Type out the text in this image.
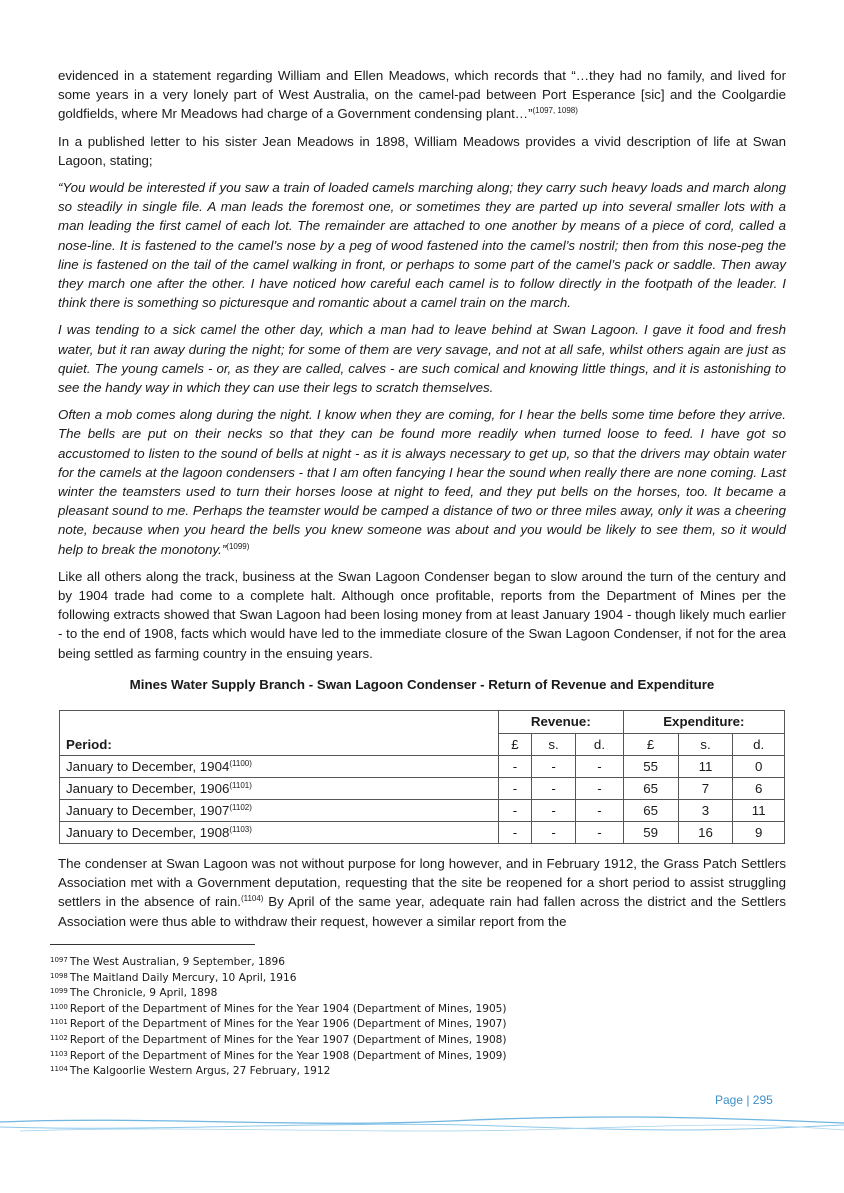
evidenced in a statement regarding William and Ellen Meadows, which records that “…they had no family, and lived for some years in a very lonely part of West Australia, on the camel-pad between Port Esperance [sic] and the Coolgardie goldfields, where Mr Meadows had charge of a Government condensing plant…”$^{(1097, 1098)}$

In a published letter to his sister Jean Meadows in 1898, William Meadows provides a vivid description of life at Swan Lagoon, stating;

“You would be interested if you saw a train of loaded camels marching along; they carry such heavy loads and march along so steadily in single file. A man leads the foremost one, or sometimes they are parted up into several smaller lots with a man leading the first camel of each lot. The remainder are attached to one another by means of a piece of cord, called a nose-line. It is fastened to the camel’s nose by a peg of wood fastened into the camel’s nostril; then from this nose-peg the line is fastened on the tail of the camel walking in front, or perhaps to some part of the camel’s pack or saddle. Then away they march one after the other. I have noticed how careful each camel is to follow directly in the footpath of the leader. I think there is something so picturesque and romantic about a camel train on the march.

I was tending to a sick camel the other day, which a man had to leave behind at Swan Lagoon. I gave it food and fresh water, but it ran away during the night; for some of them are very savage, and not at all safe, whilst others again are just as quiet. The young camels - or, as they are called, calves - are such comical and knowing little things, and it is astonishing to see the handy way in which they can use their legs to scratch themselves.

Often a mob comes along during the night. I know when they are coming, for I hear the bells some time before they arrive. The bells are put on their necks so that they can be found more readily when turned loose to feed. I have got so accustomed to listen to the sound of bells at night - as it is always necessary to get up, so that the drivers may obtain water for the camels at the lagoon condensers - that I am often fancying I hear the sound when really there are none coming. Last winter the teamsters used to turn their horses loose at night to feed, and they put bells on the horses, too. It became a pleasant sound to me. Perhaps the teamster would be camped a distance of two or three miles away, only it was a cheering note, because when you heard the bells you knew someone was about and you would be likely to see them, so it would help to break the monotony.”$^{(1099)}$

Like all others along the track, business at the Swan Lagoon Condenser began to slow around the turn of the century and by 1904 trade had come to a complete halt. Although once profitable, reports from the Department of Mines per the following extracts showed that Swan Lagoon had been losing money from at least January 1904 - though likely much earlier - to the end of 1908, facts which would have led to the immediate closure of the Swan Lagoon Condenser, if not for the area being settled as farming country in the ensuing years.

Mines Water Supply Branch - Swan Lagoon Condenser - Return of Revenue and Expenditure
	Revenue:			Expenditure:		
Period:	£	s.	d.	£	s.	d.
January to December, $1904^{(1100)}$	-	-	-	55	11	0
January to December, $1906^{(1101)}$	-	-	-	65	7	6
January to December, $1907^{(1102)}$	-	-	-	65	3	11
January to December, $1908^{(1103)}$	-	-	-	59	16	9

The condenser at Swan Lagoon was not without purpose for long however, and in February 1912, the Grass Patch Settlers Association met with a Government deputation, requesting that the site be reopened for a short period to assist struggling settlers in the absence of rain.$^{(1104)}$ By April of the same year, adequate rain had fallen across the district and the Settlers Association were thus able to withdraw their request, however a similar report from the

$^{1097}$ The West Australian, 9 September, 1896
$^{1098}$ The Maitland Daily Mercury, 10 April, 1916
$^{1099}$ The Chronicle, 9 April, 1898
$^{1100}$ Report of the Department of Mines for the Year 1904 (Department of Mines, 1905)
$^{1101}$ Report of the Department of Mines for the Year 1906 (Department of Mines, 1907)
$^{1102}$ Report of the Department of Mines for the Year 1907 (Department of Mines, 1908)
$^{1103}$ Report of the Department of Mines for the Year 1908 (Department of Mines, 1909)
$^{1104}$ The Kalgoorlie Western Argus, 27 February, 1912
Page | 295
